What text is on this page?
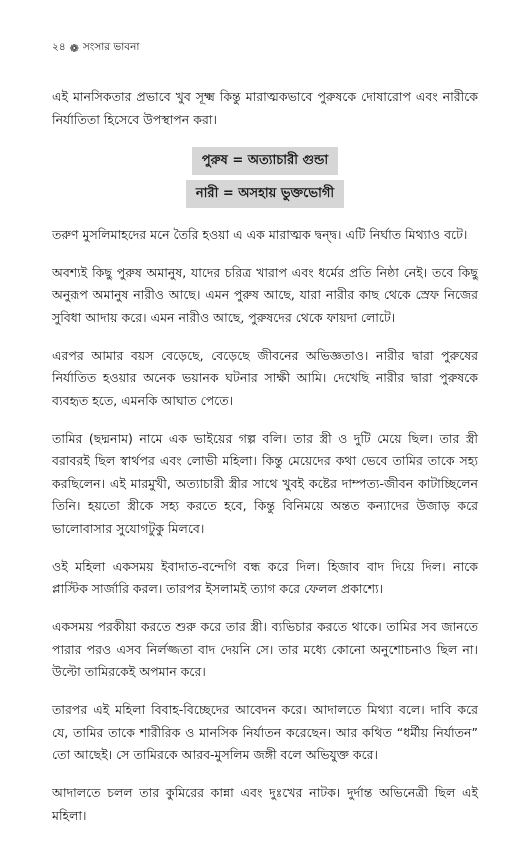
২৪ ❁ সংসার ভাবনা

এই মানসিকতার প্রভাবে খুব সূক্ষ্ম কিন্তু মারাত্মকভাবে পুরুষকে দোষারোপ এবং নারীকে নির্যাতিতা হিসেবে উপস্থাপন করা।

পুরুষ = অত্যাচারী গুন্ডা
নারী = অসহায় ভুক্তভোগী

তরুণ মুসলিমাহদের মনে তৈরি হওয়া এ এক মারাত্মক দ্বন্দ্ব। এটি নির্ঘাত মিথ্যাও বটে।

অবশ্যই কিছু পুরুষ অমানুষ, যাদের চরিত্র খারাপ এবং ধর্মের প্রতি নিষ্ঠা নেই। তবে কিছু অনুরূপ অমানুষ নারীও আছে। এমন পুরুষ আছে, যারা নারীর কাছ থেকে স্রেফ নিজের সুবিধা আদায় করে। এমন নারীও আছে, পুরুষদের থেকে ফায়দা লোটে।

এরপর আমার বয়স বেড়েছে, বেড়েছে জীবনের অভিজ্ঞতাও। নারীর দ্বারা পুরুষের নির্যাতিত হওয়ার অনেক ভয়ানক ঘটনার সাক্ষী আমি। দেখেছি নারীর দ্বারা পুরুষকে ব্যবহৃত হতে, এমনকি আঘাত পেতে।

তামির (ছদ্মনাম) নামে এক ভাইয়ের গল্প বলি। তার স্ত্রী ও দুটি মেয়ে ছিল। তার স্ত্রী বরাবরই ছিল স্বার্থপর এবং লোভী মহিলা। কিন্তু মেয়েদের কথা ভেবে তামির তাকে সহ্য করছিলেন। এই মারমুখী, অত্যাচারী স্ত্রীর সাথে খুবই কষ্টের দাম্পত্য-জীবন কাটাচ্ছিলেন তিনি। হয়তো স্ত্রীকে সহ্য করতে হবে, কিন্তু বিনিময়ে অন্তত কন্যাদের উজাড় করে ভালোবাসার সুযোগটুকু মিলবে।

ওই মহিলা একসময় ইবাদাত-বন্দেগি বন্ধ করে দিল। হিজাব বাদ দিয়ে দিল। নাকে প্লাস্টিক সার্জারি করল। তারপর ইসলামই ত্যাগ করে ফেলল প্রকাশ্যে।

একসময় পরকীয়া করতে শুরু করে তার স্ত্রী। ব্যভিচার করতে থাকে। তামির সব জানতে পারার পরও এসব নির্লজ্জতা বাদ দেয়নি সে। তার মধ্যে কোনো অনুশোচনাও ছিল না। উল্টো তামিরকেই অপমান করে।

তারপর এই মহিলা বিবাহ-বিচ্ছেদের আবেদন করে। আদালতে মিথ্যা বলে। দাবি করে যে, তামির তাকে শারীরিক ও মানসিক নির্যাতন করেছেন। আর কথিত “ধর্মীয় নির্যাতন” তো আছেই। সে তামিরকে আরব-মুসলিম জঙ্গী বলে অভিযুক্ত করে।

আদালতে চলল তার কুমিরের কান্না এবং দুঃখের নাটক। দুর্দান্ত অভিনেত্রী ছিল এই মহিলা।
